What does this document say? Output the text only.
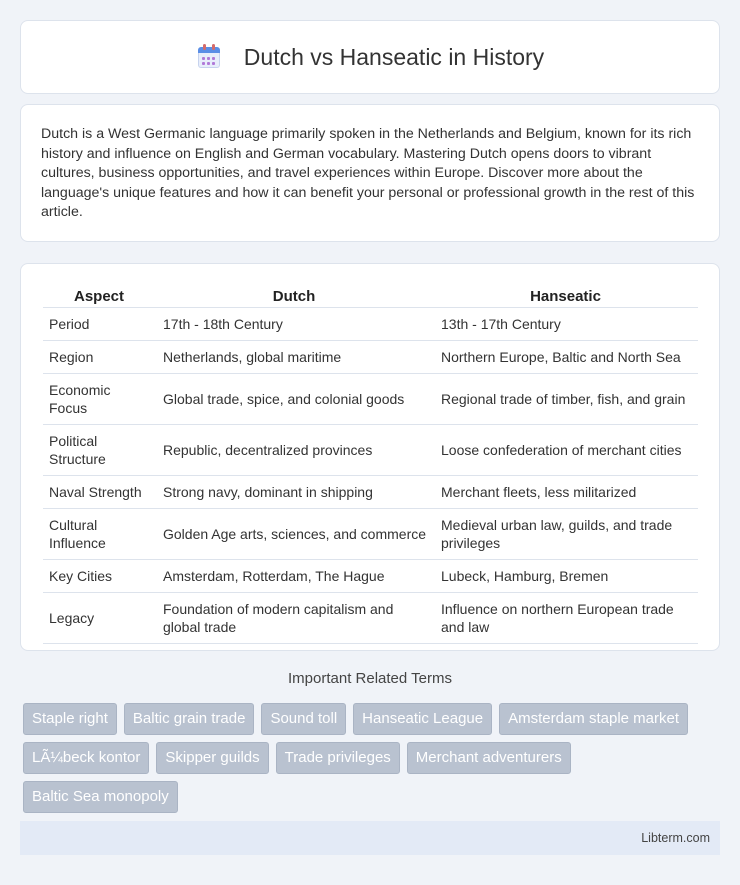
Dutch vs Hanseatic in History

Dutch is a West Germanic language primarily spoken in the Netherlands and Belgium, known for its rich history and influence on English and German vocabulary. Mastering Dutch opens doors to vibrant cultures, business opportunities, and travel experiences within Europe. Discover more about the language's unique features and how it can benefit your personal or professional growth in the rest of this article.

Aspect	Dutch	Hanseatic
Period	17th - 18th Century	13th - 17th Century
Region	Netherlands, global maritime	Northern Europe, Baltic and North Sea
Economic Focus	Global trade, spice, and colonial goods	Regional trade of timber, fish, and grain
Political Structure	Republic, decentralized provinces	Loose confederation of merchant cities
Naval Strength	Strong navy, dominant in shipping	Merchant fleets, less militarized
Cultural Influence	Golden Age arts, sciences, and commerce	Medieval urban law, guilds, and trade privileges
Key Cities	Amsterdam, Rotterdam, The Hague	Lubeck, Hamburg, Bremen
Legacy	Foundation of modern capitalism and global trade	Influence on northern European trade and law
Important Related Terms
Staple right	Baltic grain trade	Sound toll	Hanseatic League	Amsterdam staple market
LÃ¼beck kontor	Skipper guilds	Trade privileges	Merchant adventurers
Baltic Sea monopoly
Libterm.com
